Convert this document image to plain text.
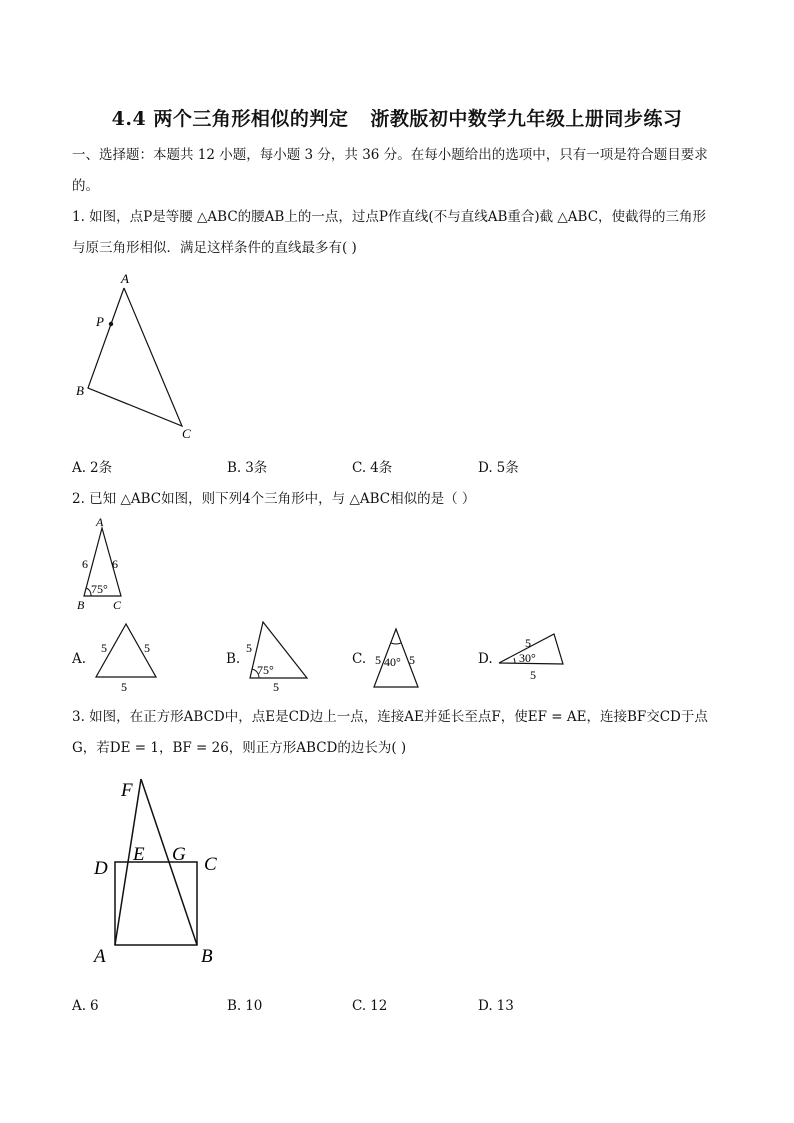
4.4 两个三角形相似的判定 浙教版初中数学九年级上册同步练习
一、选择题：本题共 12 小题，每小题 3 分，共 36 分。在每小题给出的选项中，只有一项是符合题目要求
的。
1. 如图，点P是等腰 △ABC的腰AB上的一点，过点P作直线(不与直线AB重合)截 △ABC，使截得的三角形
与原三角形相似．满足这样条件的直线最多有( )
A
P
B
C
A
6 6
75°
B C
5	5
5
5
75°
5
5 40° 5
5
30°
5
F
D
E G C
A	B
A. 2条	B. 3条	C. 4条	D. 5条
2. 已知 △ABC如图，则下列4个三角形中，与 △ABC相似的是（ ）
A.	B.	C.	D.
3. 如图，在正方形ABCD中，点E是CD边上一点，连接AE并延长至点F，使EF = AE，连接BF交CD于点
G，若DE = 1，BF = 26，则正方形ABCD的边长为( )
A. 6	B. 10	C. 12	D. 13
